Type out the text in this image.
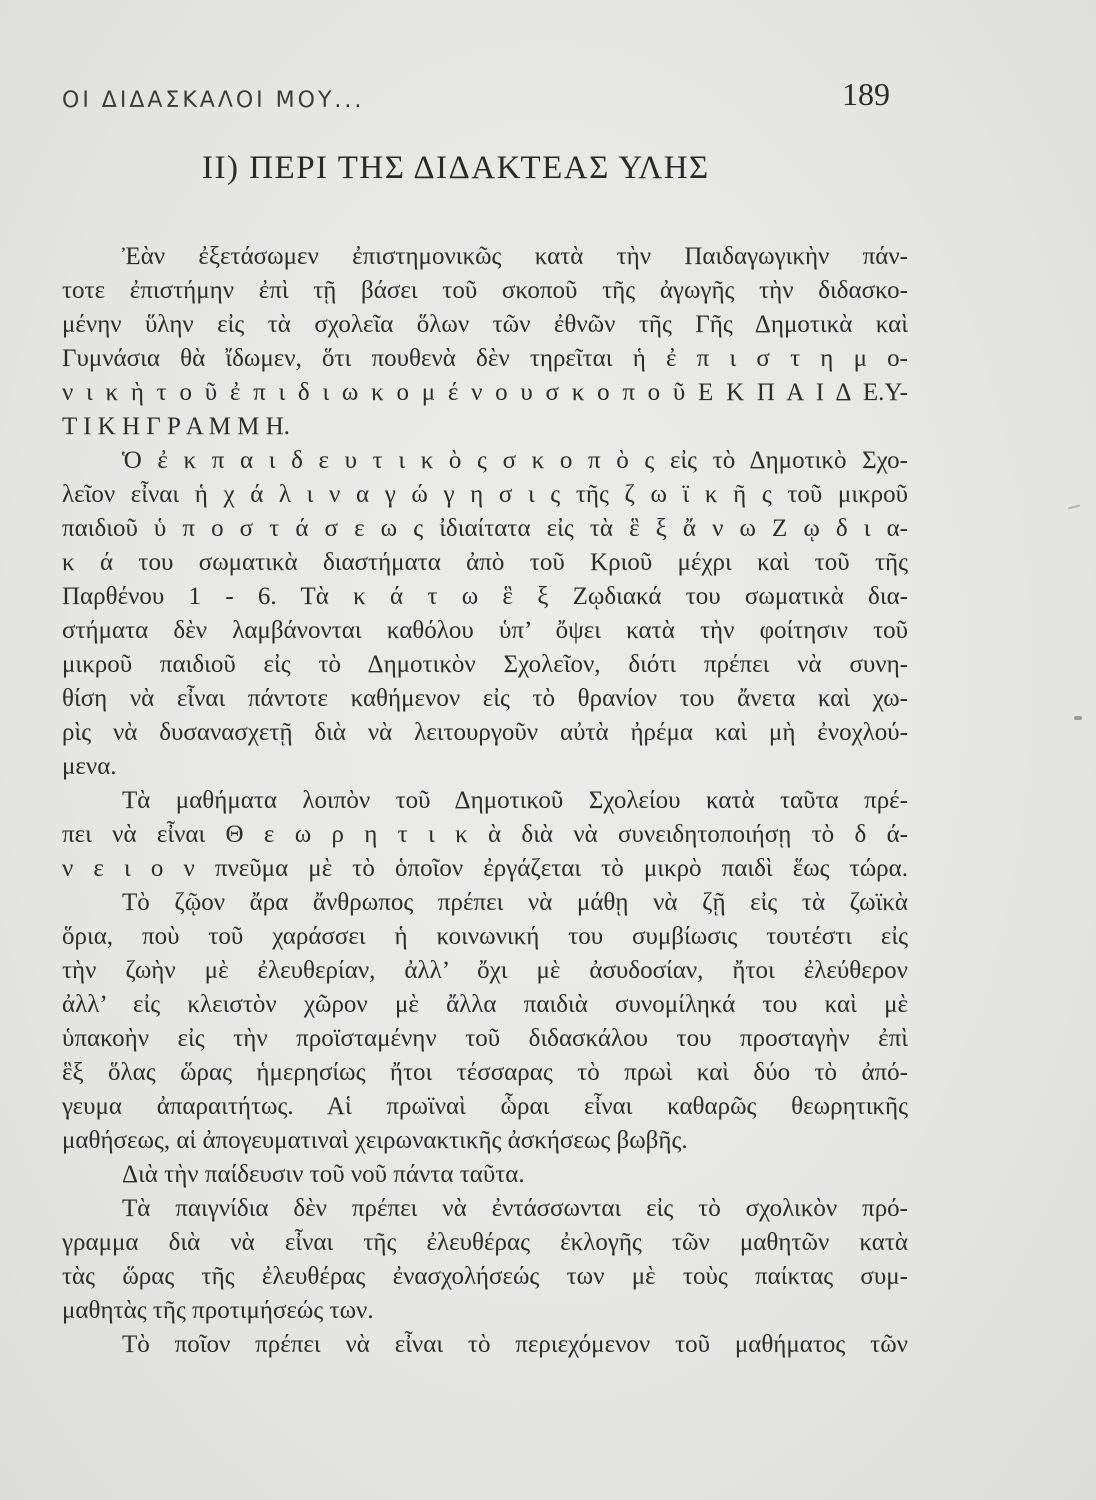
ΟΙ ΔΙΔΑΣΚΑΛΟΙ ΜΟΥ...	189
II) ΠΕΡΙ ΤΗΣ ΔΙΔΑΚΤΕΑΣ ΥΛΗΣ
Ἐὰν ἐξετάσωμεν ἐπιστημονικῶς κατὰ τὴν Παιδαγωγικὴν πάν-
τοτε ἐπιστήμην ἐπὶ τῇ βάσει τοῦ σκοποῦ τῆς ἀγωγῆς τὴν διδασκο-
μένην ὕλην εἰς τὰ σχολεῖα ὅλων τῶν ἐθνῶν τῆς Γῆς Δημοτικὰ καὶ
Γυμνάσια θὰ ἴδωμεν, ὅτι πουθενὰ δὲν τηρεῖται ἡ ἐ π ι σ τ η μ ο-
ν ι κ ὴ τ ο ῦ ἐ π ι δ ι ω κ ο μ έ ν ο υ σ κ ο π ο ῦ Ε Κ Π Α Ι Δ Ε.Υ-
Τ Ι Κ Η Γ Ρ Α Μ Μ Η.
Ὁ ἐ κ π α ι δ ε υ τ ι κ ὸ ς σ κ ο π ὸ ς εἰς τὸ Δημοτικὸ Σχο-
λεῖον εἶναι ἡ χ ά λ ι ν α γ ώ γ η σ ι ς τῆς ζ ω ϊ κ ῆ ς τοῦ μικροῦ
παιδιοῦ ὑ π ο σ τ ά σ ε ω ς ἰδιαίτατα εἰς τὰ ἓ ξ ἄ ν ω Ζ ῳ δ ι α-
κ ά του σωματικὰ διαστήματα ἀπὸ τοῦ Κριοῦ μέχρι καὶ τοῦ τῆς
Παρθένου 1 - 6. Τὰ κ ά τ ω ἓ ξ Ζῳδιακά του σωματικὰ δια-
στήματα δὲν λαμβάνονται καθόλου ὑπ’ ὄψει κατὰ τὴν φοίτησιν τοῦ
μικροῦ παιδιοῦ εἰς τὸ Δημοτικὸν Σχολεῖον, διότι πρέπει νὰ συνη-
θίση νὰ εἶναι πάντοτε καθήμενον εἰς τὸ θρανίον του ἄνετα καὶ χω-
ρὶς νὰ δυσανασχετῇ διὰ νὰ λειτουργοῦν αὐτὰ ἠρέμα καὶ μὴ ἐνοχλού-
μενα.
Τὰ μαθήματα λοιπὸν τοῦ Δημοτικοῦ Σχολείου κατὰ ταῦτα πρέ-
πει νὰ εἶναι Θ ε ω ρ η τ ι κ ὰ διὰ νὰ συνειδητοποιήσῃ τὸ δ ά-
ν ε ι ο ν πνεῦμα μὲ τὸ ὁποῖον ἐργάζεται τὸ μικρὸ παιδὶ ἕως τώρα.
Τὸ ζῷον ἄρα ἄνθρωπος πρέπει νὰ μάθῃ νὰ ζῇ εἰς τὰ ζωϊκὰ
ὅρια, ποὺ τοῦ χαράσσει ἡ κοινωνική του συμβίωσις τουτέστι εἰς
τὴν ζωὴν μὲ ἐλευθερίαν, ἀλλ’ ὄχι μὲ ἀσυδοσίαν, ἤτοι ἐλεύθερον
ἀλλ’ εἰς κλειστὸν χῶρον μὲ ἄλλα παιδιὰ συνομίληκά του καὶ μὲ
ὑπακοὴν εἰς τὴν προϊσταμένην τοῦ διδασκάλου του προσταγὴν ἐπὶ
ἓξ ὅλας ὥρας ἡμερησίως ἤτοι τέσσαρας τὸ πρωὶ καὶ δύο τὸ ἀπό-
γευμα ἀπαραιτήτως. Αἱ πρωϊναὶ ὧραι εἶναι καθαρῶς θεωρητικῆς
μαθήσεως, αἱ ἀπογευματιναὶ χειρωνακτικῆς ἀσκήσεως βωβῆς.
Διὰ τὴν παίδευσιν τοῦ νοῦ πάντα ταῦτα.
Τὰ παιγνίδια δὲν πρέπει νὰ ἐντάσσωνται εἰς τὸ σχολικὸν πρό-
γραμμα διὰ νὰ εἶναι τῆς ἐλευθέρας ἐκλογῆς τῶν μαθητῶν κατὰ
τὰς ὥρας τῆς ἐλευθέρας ἐνασχολήσεώς των μὲ τοὺς παίκτας συμ-
μαθητὰς τῆς προτιμήσεώς των.
Τὸ ποῖον πρέπει νὰ εἶναι τὸ περιεχόμενον τοῦ μαθήματος τῶν
